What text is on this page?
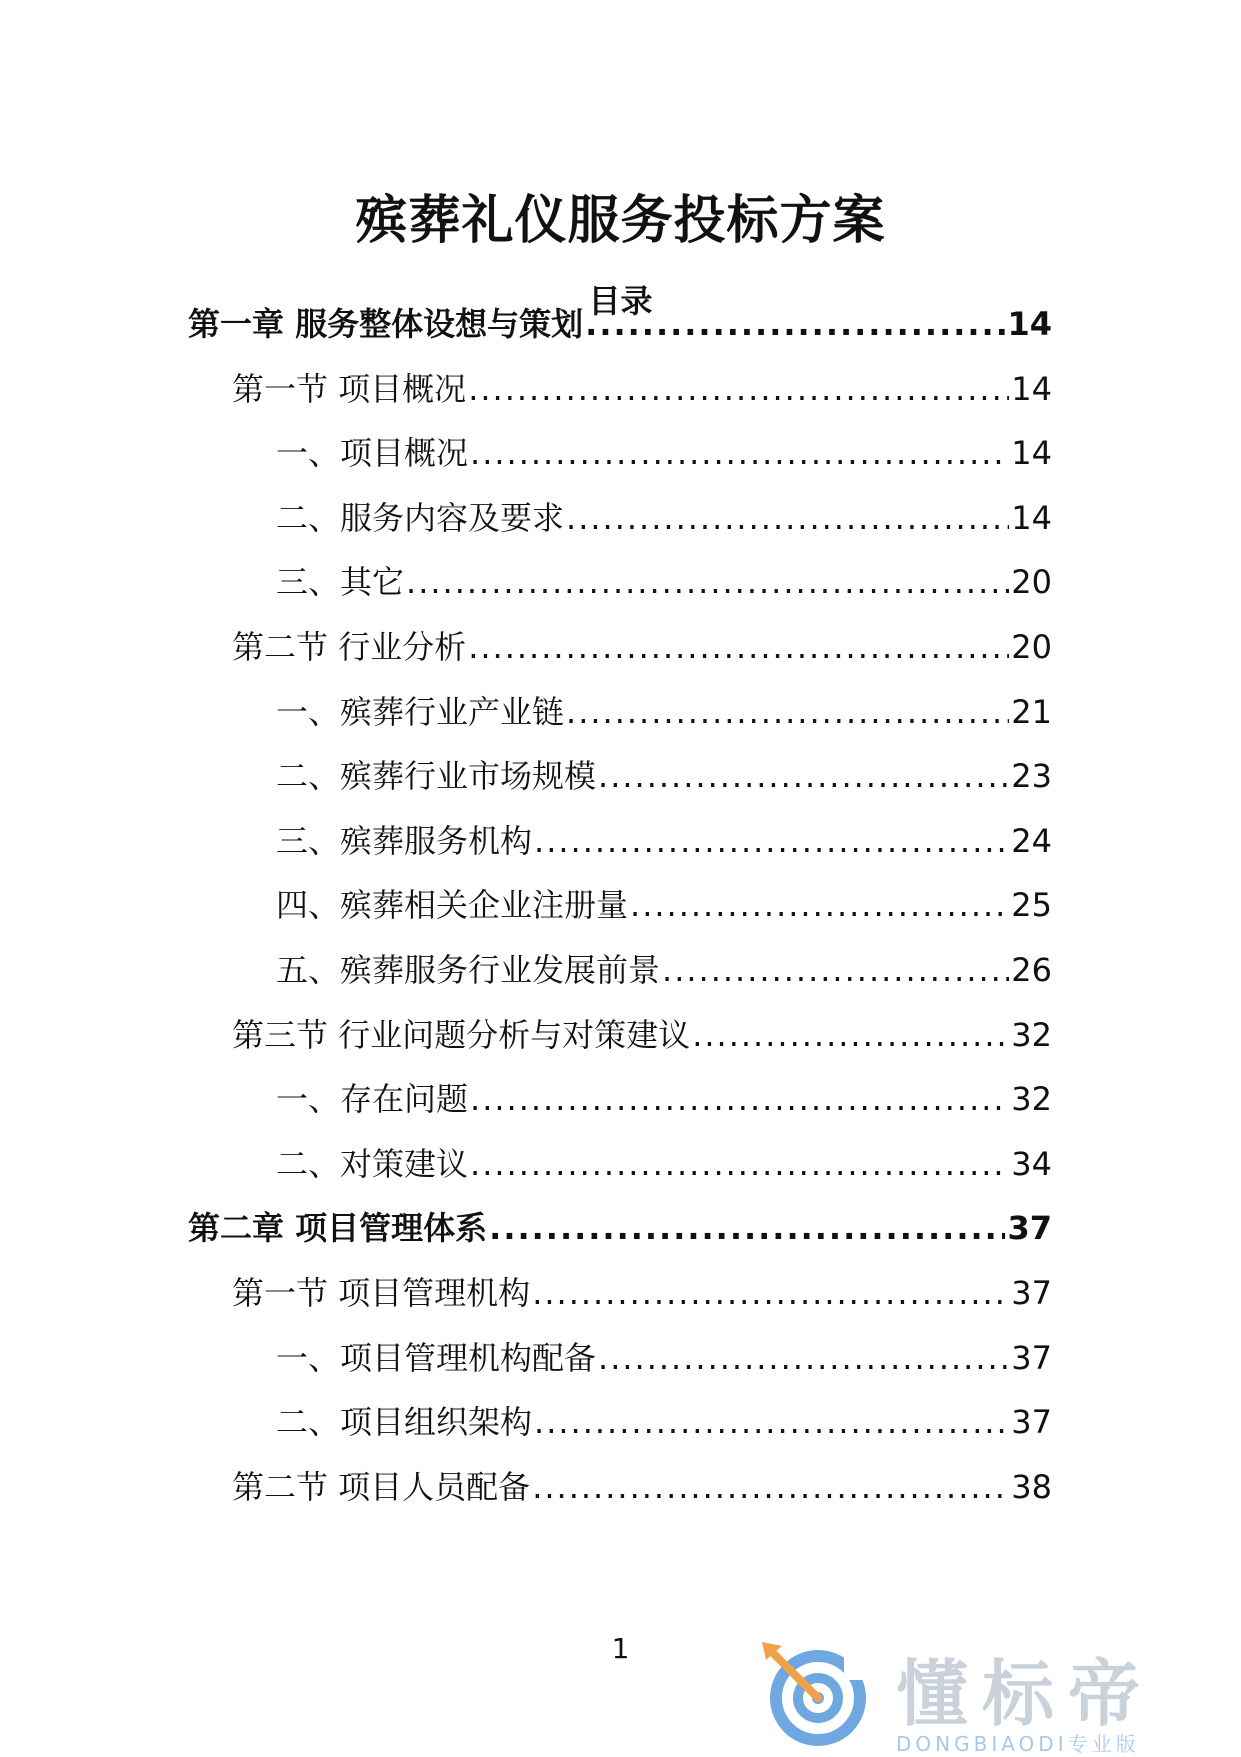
殡葬礼仪服务投标方案
目录
第一章 服务整体设想与策划 .....	14
第一节 项目概况 .....	14
一、项目概况 .....	14
二、服务内容及要求 .....	14
三、其它 .....	20
第二节 行业分析 .....	20
一、殡葬行业产业链 .....	21
二、殡葬行业市场规模 .....	23
三、殡葬服务机构 .....	24
四、殡葬相关企业注册量 .....	25
五、殡葬服务行业发展前景 .....	26
第三节 行业问题分析与对策建议 .....	32
一、存在问题 .....	32
二、对策建议 .....	34
第二章 项目管理体系 .....	37
第一节 项目管理机构 .....	37
一、项目管理机构配备 .....	37
二、项目组织架构 .....	37
第二节 项目人员配备 .....	38
1
懂标帝
DONGBIAODI专业版
